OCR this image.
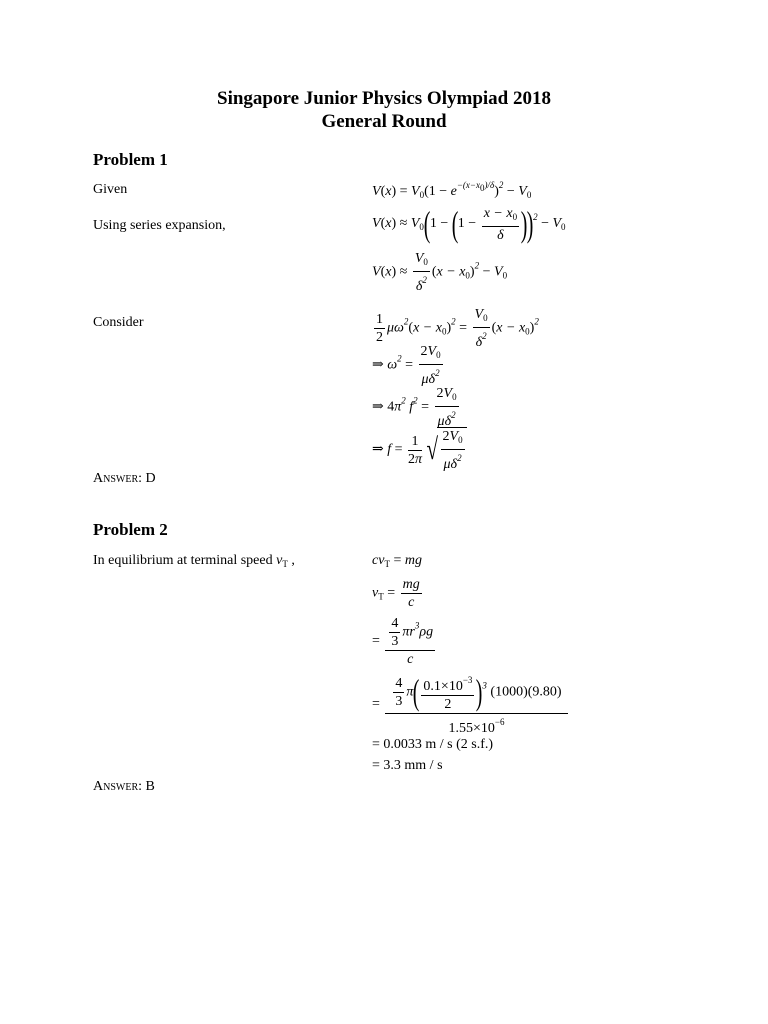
Singapore Junior Physics Olympiad 2018
General Round
Problem 1
Given	$V(x) = V_0(1 - e^{-(x-x_0)/\delta})^2 - V_0$
Using series expansion,	$V(x) \approx V_0(1 - (1 - \frac{x - x_0}{\delta} ))^2 - V_0$
$V(x) \approx \frac{V_0}{\delta^2} (x - x_0)^2 - V_0$
Consider	$\frac{1}{2} \mu\omega^2(x - x_0)^2 = \frac{V_0}{\delta^2} (x - x_0)^2$
⇒ $\omega^2 = \frac{2V_0}{\mu\delta^2}$
⇒ $4\pi^2$ $f^2 = \frac{2V_0}{\mu\delta^2}$
⇒ $f = \frac{1}{2\pi}$ √ $\frac{2V_0}{\mu\delta^2}$
Answer: D
Problem 2
In equilibrium at terminal speed $v_T$ ,	$cv_T$ = mg
$v_T = \frac{mg}{c}$
= $\frac{\frac{4}{3} \pi r^3\rho g}{c}$
= $\frac{\frac{4}{3} \pi( \frac{0.1\times 10^{-3}}{2} )^3 (1000)(9.80)}{1.55\times 10^{-6}}$
= 0.0033 m / s (2 s.f.)
= 3.3 mm / s
Answer: B
